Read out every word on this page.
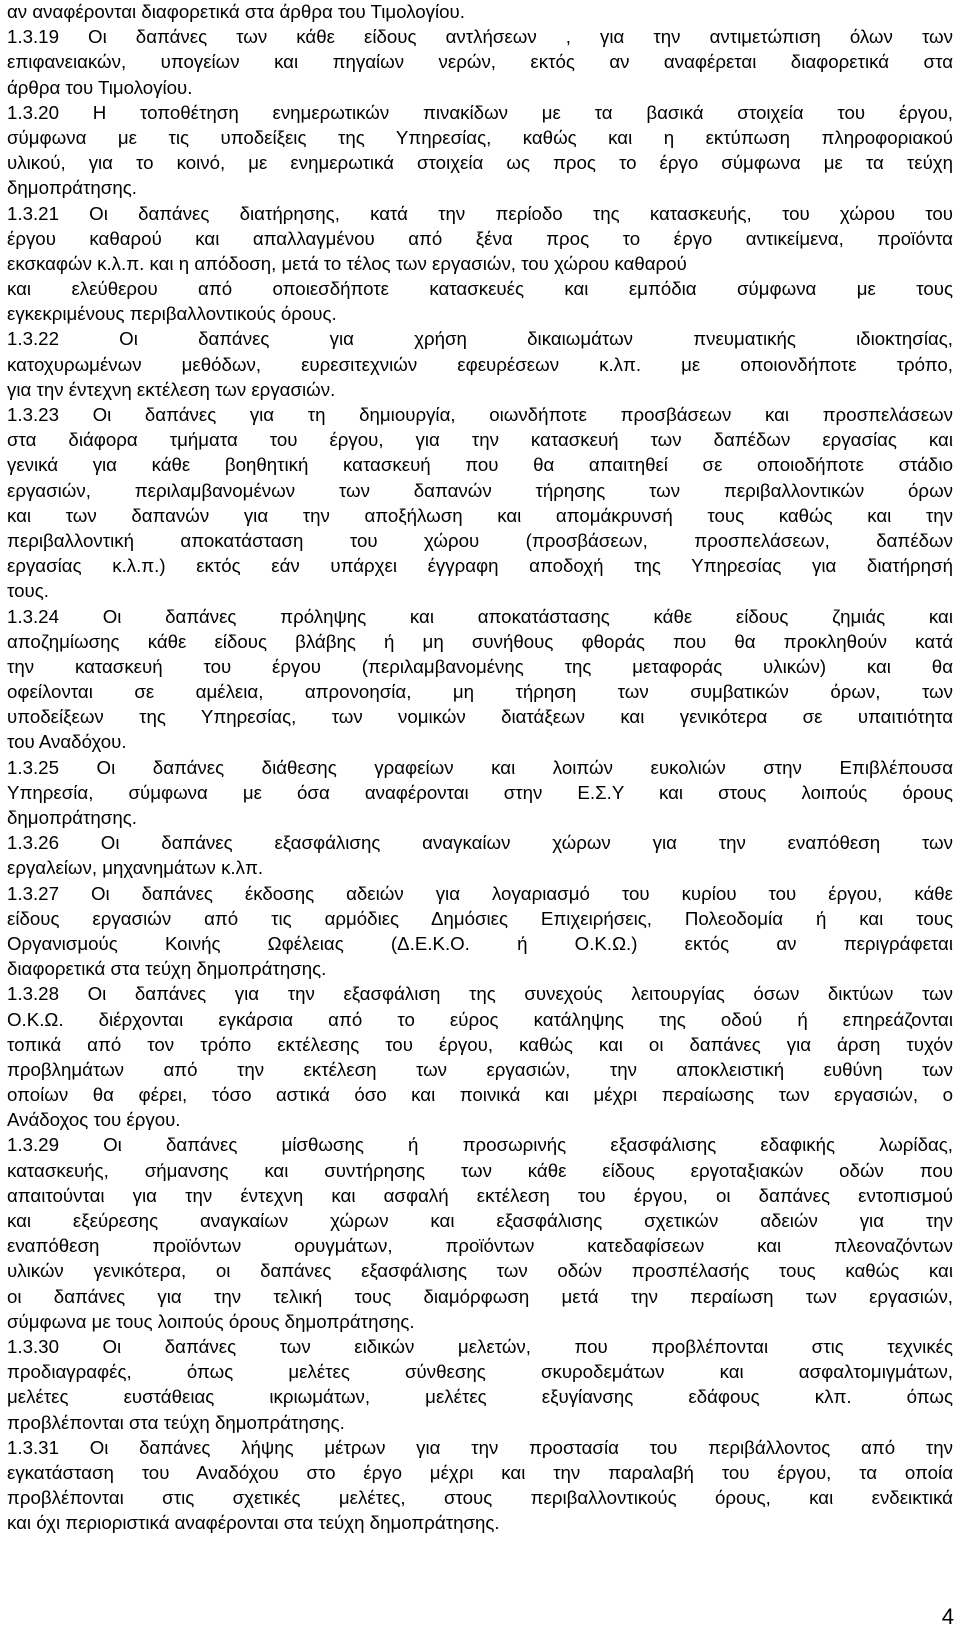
αν αναφέρονται διαφορετικά στα άρθρα του Τιμολογίου.
1.3.19 Οι δαπάνες των κάθε είδους αντλήσεων , για την αντιμετώπιση όλων των
επιφανειακών, υπογείων και πηγαίων νερών, εκτός αν αναφέρεται διαφορετικά στα
άρθρα του Τιμολογίου.
1.3.20 Η τοποθέτηση ενημερωτικών πινακίδων με τα βασικά στοιχεία του έργου,
σύμφωνα με τις υποδείξεις της Υπηρεσίας, καθώς και η εκτύπωση πληροφοριακού
υλικού, για το κοινό, με ενημερωτικά στοιχεία ως προς το έργο σύμφωνα με τα τεύχη
δημοπράτησης.
1.3.21 Οι δαπάνες διατήρησης, κατά την περίοδο της κατασκευής, του χώρου του
έργου καθαρού και απαλλαγμένου από ξένα προς το έργο αντικείμενα, προϊόντα
εκσκαφών κ.λ.π. και η απόδοση, μετά το τέλος των εργασιών, του χώρου καθαρού
και ελεύθερου από οποιεσδήποτε κατασκευές και εμπόδια σύμφωνα με τους
εγκεκριμένους περιβαλλοντικούς όρους.
1.3.22 Οι δαπάνες για χρήση δικαιωμάτων πνευματικής ιδιοκτησίας,
κατοχυρωμένων μεθόδων, ευρεσιτεχνιών εφευρέσεων κ.λπ. με οποιονδήποτε τρόπο,
για την έντεχνη εκτέλεση των εργασιών.
1.3.23 Οι δαπάνες για τη δημιουργία, οιωνδήποτε προσβάσεων και προσπελάσεων
στα διάφορα τμήματα του έργου, για την κατασκευή των δαπέδων εργασίας και
γενικά για κάθε βοηθητική κατασκευή που θα απαιτηθεί σε οποιοδήποτε στάδιο
εργασιών, περιλαμβανομένων των δαπανών τήρησης των περιβαλλοντικών όρων
και των δαπανών για την αποξήλωση και απομάκρυνσή τους καθώς και την
περιβαλλοντική αποκατάσταση του χώρου (προσβάσεων, προσπελάσεων, δαπέδων
εργασίας κ.λ.π.) εκτός εάν υπάρχει έγγραφη αποδοχή της Υπηρεσίας για διατήρησή
τους.
1.3.24 Οι δαπάνες πρόληψης και αποκατάστασης κάθε είδους ζημιάς και
αποζημίωσης κάθε είδους βλάβης ή μη συνήθους φθοράς που θα προκληθούν κατά
την κατασκευή του έργου (περιλαμβανομένης της μεταφοράς υλικών) και θα
οφείλονται σε αμέλεια, απρονοησία, μη τήρηση των συμβατικών όρων, των
υποδείξεων της Υπηρεσίας, των νομικών διατάξεων και γενικότερα σε υπαιτιότητα
του Αναδόχου.
1.3.25 Οι δαπάνες διάθεσης γραφείων και λοιπών ευκολιών στην Επιβλέπουσα
Υπηρεσία, σύμφωνα με όσα αναφέρονται στην Ε.Σ.Υ και στους λοιπούς όρους
δημοπράτησης.
1.3.26 Οι δαπάνες εξασφάλισης αναγκαίων χώρων για την εναπόθεση των
εργαλείων, μηχανημάτων κ.λπ.
1.3.27 Οι δαπάνες έκδοσης αδειών για λογαριασμό του κυρίου του έργου, κάθε
είδους εργασιών από τις αρμόδιες Δημόσιες Επιχειρήσεις, Πολεοδομία ή και τους
Οργανισμούς Κοινής Ωφέλειας (Δ.Ε.Κ.Ο. ή Ο.Κ.Ω.) εκτός αν περιγράφεται
διαφορετικά στα τεύχη δημοπράτησης.
1.3.28 Οι δαπάνες για την εξασφάλιση της συνεχούς λειτουργίας όσων δικτύων των
Ο.Κ.Ω. διέρχονται εγκάρσια από το εύρος κατάληψης της οδού ή επηρεάζονται
τοπικά από τον τρόπο εκτέλεσης του έργου, καθώς και οι δαπάνες για άρση τυχόν
προβλημάτων από την εκτέλεση των εργασιών, την αποκλειστική ευθύνη των
οποίων θα φέρει, τόσο αστικά όσο και ποινικά και μέχρι περαίωσης των εργασιών, ο
Ανάδοχος του έργου.
1.3.29 Οι δαπάνες μίσθωσης ή προσωρινής εξασφάλισης εδαφικής λωρίδας,
κατασκευής, σήμανσης και συντήρησης των κάθε είδους εργοταξιακών οδών που
απαιτούνται για την έντεχνη και ασφαλή εκτέλεση του έργου, οι δαπάνες εντοπισμού
και εξεύρεσης αναγκαίων χώρων και εξασφάλισης σχετικών αδειών για την
εναπόθεση προϊόντων ορυγμάτων, προϊόντων κατεδαφίσεων και πλεοναζόντων
υλικών γενικότερα, οι δαπάνες εξασφάλισης των οδών προσπέλασής τους καθώς και
οι δαπάνες για την τελική τους διαμόρφωση μετά την περαίωση των εργασιών,
σύμφωνα με τους λοιπούς όρους δημοπράτησης.
1.3.30 Οι δαπάνες των ειδικών μελετών, που προβλέπονται στις τεχνικές
προδιαγραφές, όπως μελέτες σύνθεσης σκυροδεμάτων και ασφαλτομιγμάτων,
μελέτες ευστάθειας ικριωμάτων, μελέτες εξυγίανσης εδάφους κλπ. όπως
προβλέπονται στα τεύχη δημοπράτησης.
1.3.31 Οι δαπάνες λήψης μέτρων για την προστασία του περιβάλλοντος από την
εγκατάσταση του Αναδόχου στο έργο μέχρι και την παραλαβή του έργου, τα οποία
προβλέπονται στις σχετικές μελέτες, στους περιβαλλοντικούς όρους, και ενδεικτικά
και όχι περιοριστικά αναφέρονται στα τεύχη δημοπράτησης.
4
